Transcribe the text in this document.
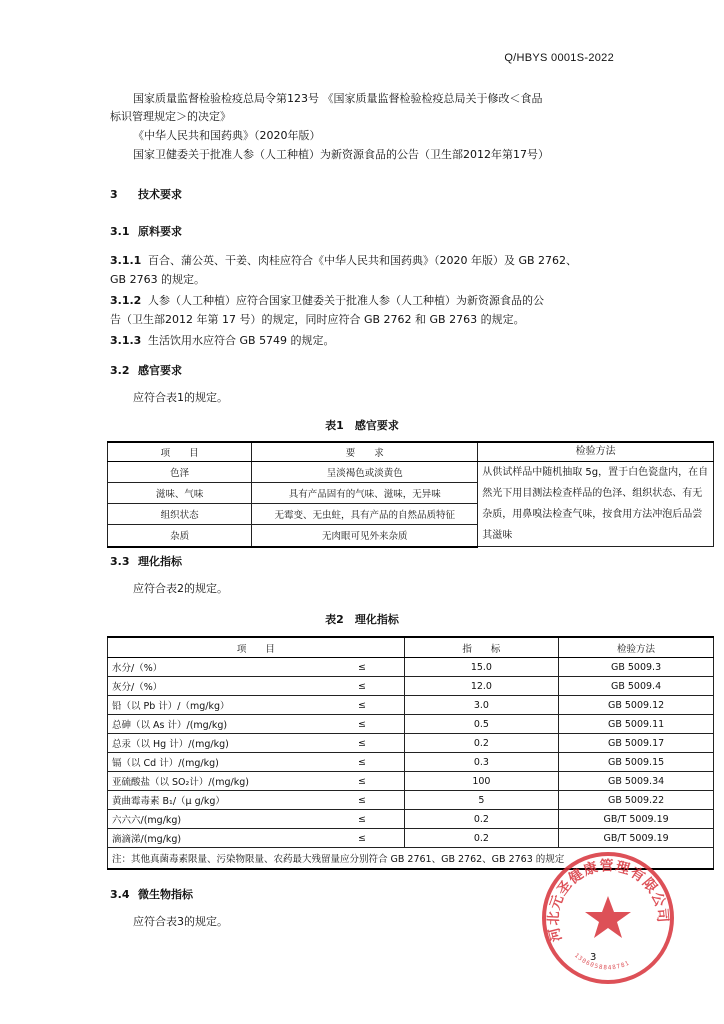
Q/HBYS 0001S-2022
国家质量监督检验检疫总局令第123号 《国家质量监督检验检疫总局关于修改＜食品
标识管理规定＞的决定》
《中华人民共和国药典》（2020年版）
国家卫健委关于批准人参（人工种植）为新资源食品的公告（卫生部2012年第17号）
3 技术要求
3.1 原料要求
3.1.1 百合、蒲公英、干姜、肉桂应符合《中华人民共和国药典》（2020 年版）及 GB 2762、
GB 2763 的规定。
3.1.2 人参（人工种植）应符合国家卫健委关于批准人参（人工种植）为新资源食品的公
告（卫生部2012 年第 17 号）的规定，同时应符合 GB 2762 和 GB 2763 的规定。
3.1.3 生活饮用水应符合 GB 5749 的规定。
3.2 感官要求
应符合表1的规定。
表1　感官要求
项　　目	要　　求	检验方法
色泽	呈淡褐色或淡黄色	从供试样品中随机抽取 5g，置于白色瓷盘内，在自然光下用目测法检查样品的色泽、组织状态、有无杂质，用鼻嗅法检查气味，按食用方法冲泡后品尝其滋味
滋味、气味	具有产品固有的气味、滋味，无异味	
组织状态	无霉变、无虫蛀，具有产品的自然品质特征	
杂质	无肉眼可见外来杂质	
3.3 理化指标
应符合表2的规定。
表2　理化指标
项　　目		指　　标	检验方法
水分/（%）	≤	15.0	GB 5009.3
灰分/（%）	≤	12.0	GB 5009.4
铅（以 Pb 计）/（mg/kg）	≤	3.0	GB 5009.12
总砷（以 As 计）/(mg/kg)	≤	0.5	GB 5009.11
总汞（以 Hg 计）/(mg/kg)	≤	0.2	GB 5009.17
镉（以 Cd 计）/(mg/kg)	≤	0.3	GB 5009.15
亚硫酸盐（以 SO₂计）/(mg/kg)	≤	100	GB 5009.34
黄曲霉毒素 B₁/（μ g/kg）	≤	5	GB 5009.22
六六六/(mg/kg)	≤	0.2	GB/T 5009.19
滴滴涕/(mg/kg)	≤	0.2	GB/T 5009.19
注：其他真菌毒素限量、污染物限量、农药最大残留量应分别符合 GB 2761、GB 2762、GB 2763 的规定			
3.4 微生物指标
应符合表3的规定。
3
河北元圣健康管理有限公司
1306058848781
